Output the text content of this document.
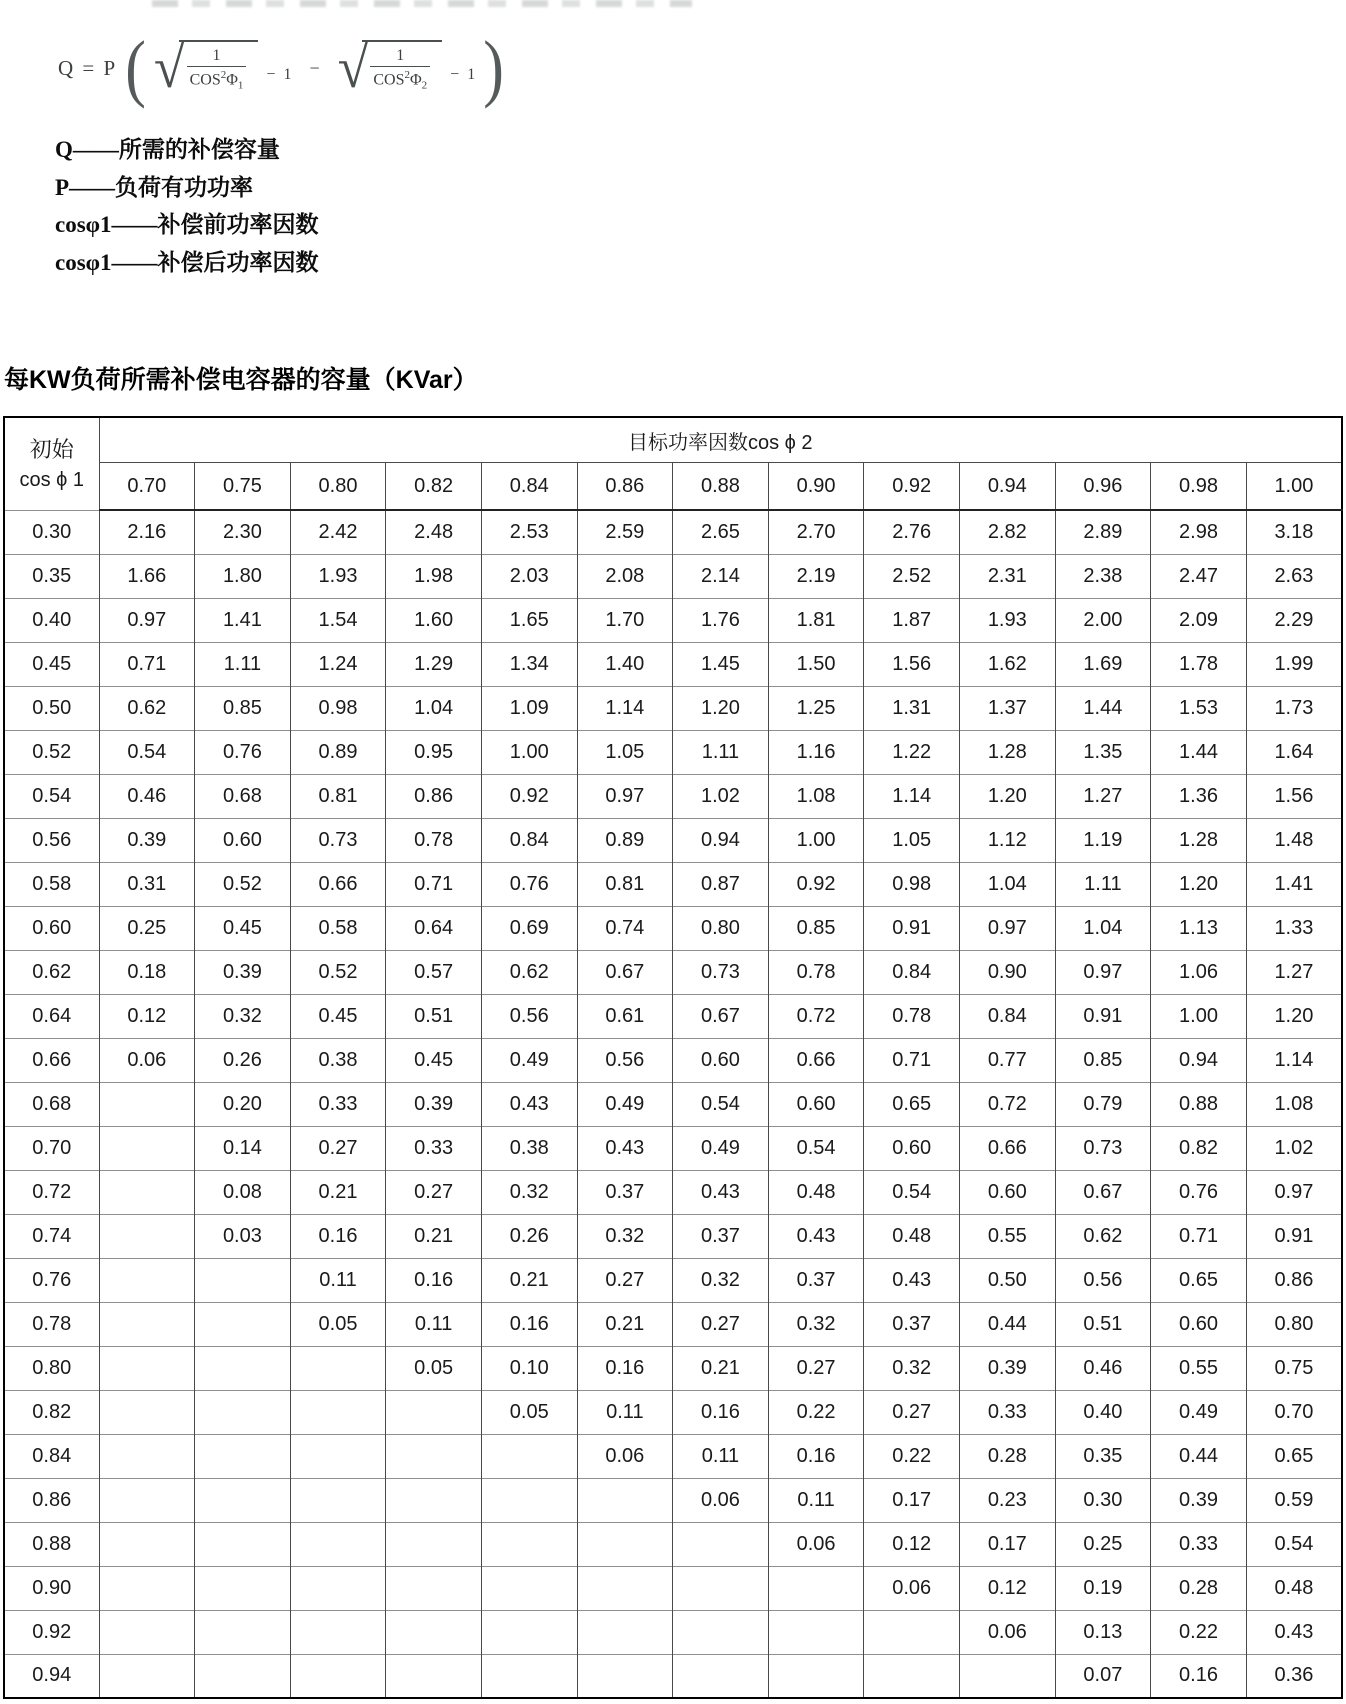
Q = P ( √ $\frac{1}{COS^2\Phi_1} - 1$ − √ $\frac{1}{COS^2\Phi_2} - 1$ )
Q——所需的补偿容量
P——负荷有功功率
cosφ1——补偿前功率因数
cosφ1——补偿后功率因数
每KW负荷所需补偿电容器的容量（KVar）
初始
cos ϕ 1	目标功率因数cos ϕ 2												
	0.70	0.75	0.80	0.82	0.84	0.86	0.88	0.90	0.92	0.94	0.96	0.98	1.00
0.30	2.16	2.30	2.42	2.48	2.53	2.59	2.65	2.70	2.76	2.82	2.89	2.98	3.18
0.35	1.66	1.80	1.93	1.98	2.03	2.08	2.14	2.19	2.52	2.31	2.38	2.47	2.63
0.40	0.97	1.41	1.54	1.60	1.65	1.70	1.76	1.81	1.87	1.93	2.00	2.09	2.29
0.45	0.71	1.11	1.24	1.29	1.34	1.40	1.45	1.50	1.56	1.62	1.69	1.78	1.99
0.50	0.62	0.85	0.98	1.04	1.09	1.14	1.20	1.25	1.31	1.37	1.44	1.53	1.73
0.52	0.54	0.76	0.89	0.95	1.00	1.05	1.11	1.16	1.22	1.28	1.35	1.44	1.64
0.54	0.46	0.68	0.81	0.86	0.92	0.97	1.02	1.08	1.14	1.20	1.27	1.36	1.56
0.56	0.39	0.60	0.73	0.78	0.84	0.89	0.94	1.00	1.05	1.12	1.19	1.28	1.48
0.58	0.31	0.52	0.66	0.71	0.76	0.81	0.87	0.92	0.98	1.04	1.11	1.20	1.41
0.60	0.25	0.45	0.58	0.64	0.69	0.74	0.80	0.85	0.91	0.97	1.04	1.13	1.33
0.62	0.18	0.39	0.52	0.57	0.62	0.67	0.73	0.78	0.84	0.90	0.97	1.06	1.27
0.64	0.12	0.32	0.45	0.51	0.56	0.61	0.67	0.72	0.78	0.84	0.91	1.00	1.20
0.66	0.06	0.26	0.38	0.45	0.49	0.56	0.60	0.66	0.71	0.77	0.85	0.94	1.14
0.68		0.20	0.33	0.39	0.43	0.49	0.54	0.60	0.65	0.72	0.79	0.88	1.08
0.70		0.14	0.27	0.33	0.38	0.43	0.49	0.54	0.60	0.66	0.73	0.82	1.02
0.72		0.08	0.21	0.27	0.32	0.37	0.43	0.48	0.54	0.60	0.67	0.76	0.97
0.74		0.03	0.16	0.21	0.26	0.32	0.37	0.43	0.48	0.55	0.62	0.71	0.91
0.76			0.11	0.16	0.21	0.27	0.32	0.37	0.43	0.50	0.56	0.65	0.86
0.78			0.05	0.11	0.16	0.21	0.27	0.32	0.37	0.44	0.51	0.60	0.80
0.80				0.05	0.10	0.16	0.21	0.27	0.32	0.39	0.46	0.55	0.75
0.82					0.05	0.11	0.16	0.22	0.27	0.33	0.40	0.49	0.70
0.84						0.06	0.11	0.16	0.22	0.28	0.35	0.44	0.65
0.86							0.06	0.11	0.17	0.23	0.30	0.39	0.59
0.88								0.06	0.12	0.17	0.25	0.33	0.54
0.90									0.06	0.12	0.19	0.28	0.48
0.92										0.06	0.13	0.22	0.43
0.94											0.07	0.16	0.36
